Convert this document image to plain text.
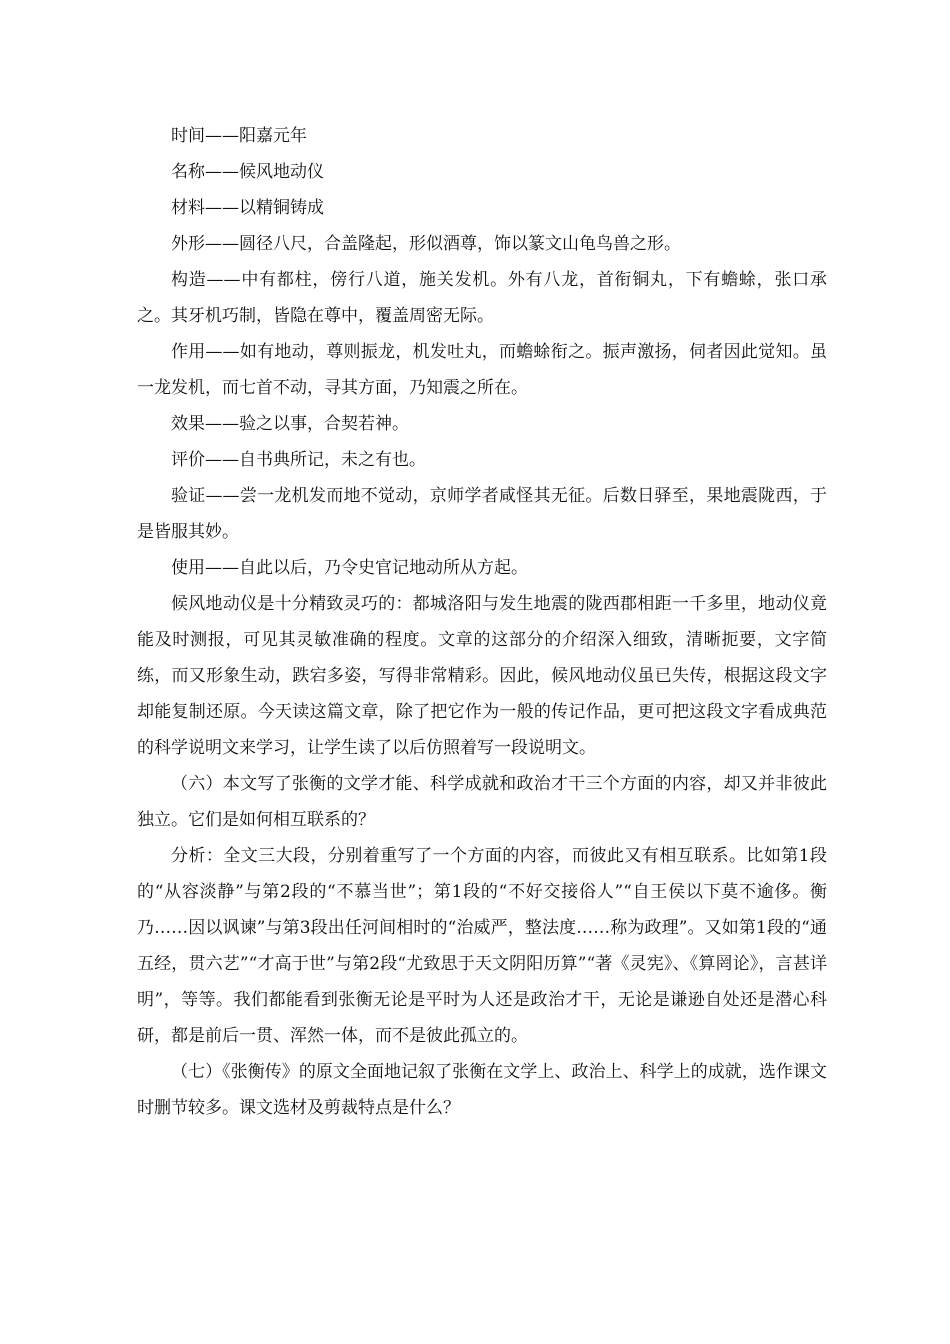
时间——阳嘉元年

名称——候风地动仪

材料——以精铜铸成

外形——圆径八尺，合盖隆起，形似酒尊，饰以篆文山龟鸟兽之形。

构造——中有都柱，傍行八道，施关发机。外有八龙，首衔铜丸，下有蟾蜍，张口承之。其牙机巧制，皆隐在尊中，覆盖周密无际。

作用——如有地动，尊则振龙，机发吐丸，而蟾蜍衔之。振声激扬，伺者因此觉知。虽一龙发机，而七首不动，寻其方面，乃知震之所在。

效果——验之以事，合契若神。

评价——自书典所记，未之有也。

验证——尝一龙机发而地不觉动，京师学者咸怪其无征。后数日驿至，果地震陇西，于是皆服其妙。

使用——自此以后，乃令史官记地动所从方起。

候风地动仪是十分精致灵巧的：都城洛阳与发生地震的陇西郡相距一千多里，地动仪竟能及时测报，可见其灵敏准确的程度。文章的这部分的介绍深入细致，清晰扼要，文字简练，而又形象生动，跌宕多姿，写得非常精彩。因此，候风地动仪虽已失传，根据这段文字却能复制还原。今天读这篇文章，除了把它作为一般的传记作品，更可把这段文字看成典范的科学说明文来学习，让学生读了以后仿照着写一段说明文。

（六）本文写了张衡的文学才能、科学成就和政治才干三个方面的内容，却又并非彼此独立。它们是如何相互联系的？

分析：全文三大段，分别着重写了一个方面的内容，而彼此又有相互联系。比如第1段的“从容淡静”与第2段的“不慕当世”；第1段的“不好交接俗人”“自王侯以下莫不逾侈。衡乃……因以讽谏”与第3段出任河间相时的“治威严，整法度……称为政理”。又如第1段的“通五经，贯六艺”“才高于世”与第2段“尤致思于天文阴阳历算”“著《灵宪》、《算罔论》，言甚详明”，等等。我们都能看到张衡无论是平时为人还是政治才干，无论是谦逊自处还是潜心科研，都是前后一贯、浑然一体，而不是彼此孤立的。

（七）《张衡传》的原文全面地记叙了张衡在文学上、政治上、科学上的成就，选作课文时删节较多。课文选材及剪裁特点是什么？
